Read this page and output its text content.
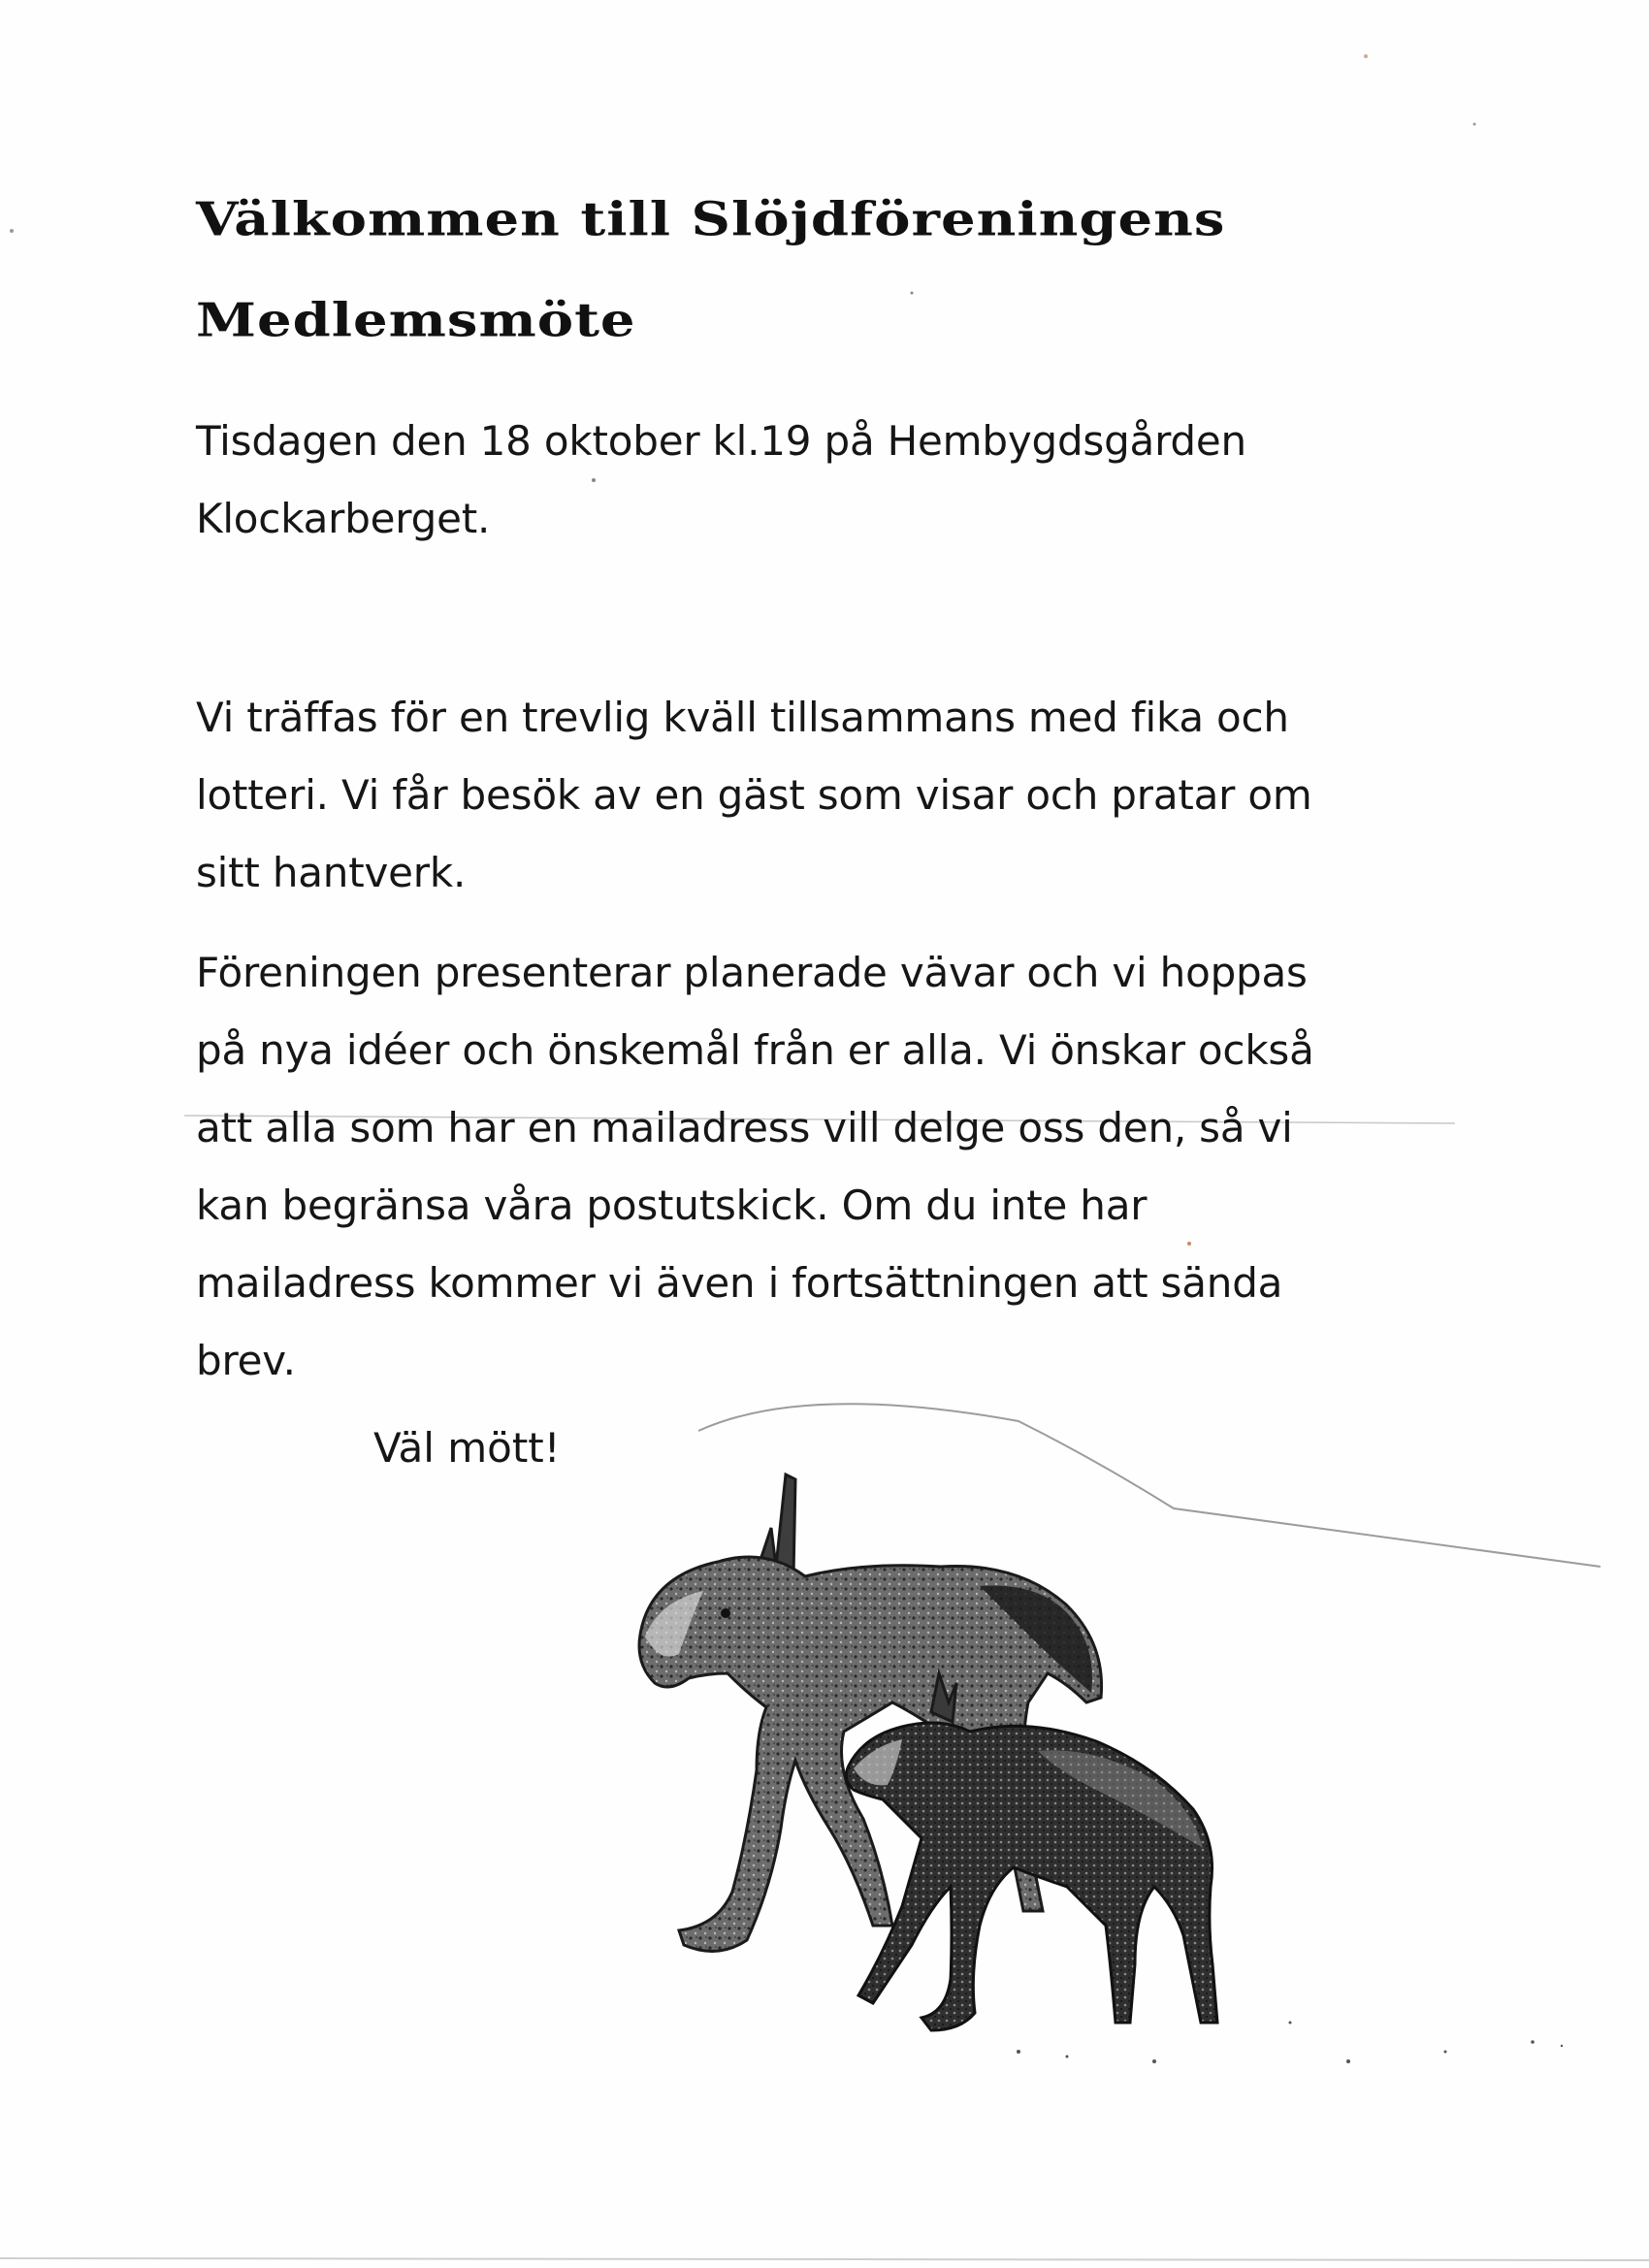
Välkommen till Slöjdföreningens
Medlemsmöte

Tisdagen den 18 oktober kl.19 på Hembygdsgården
Klockarberget.

Vi träffas för en trevlig kväll tillsammans med fika och
lotteri. Vi får besök av en gäst som visar och pratar om
sitt hantverk.

Föreningen presenterar planerade vävar och vi hoppas
på nya idéer och önskemål från er alla. Vi önskar också
att alla som har en mailadress vill delge oss den, så vi
kan begränsa våra postutskick. Om du inte har
mailadress kommer vi även i fortsättningen att sända
brev.

Väl mött!
